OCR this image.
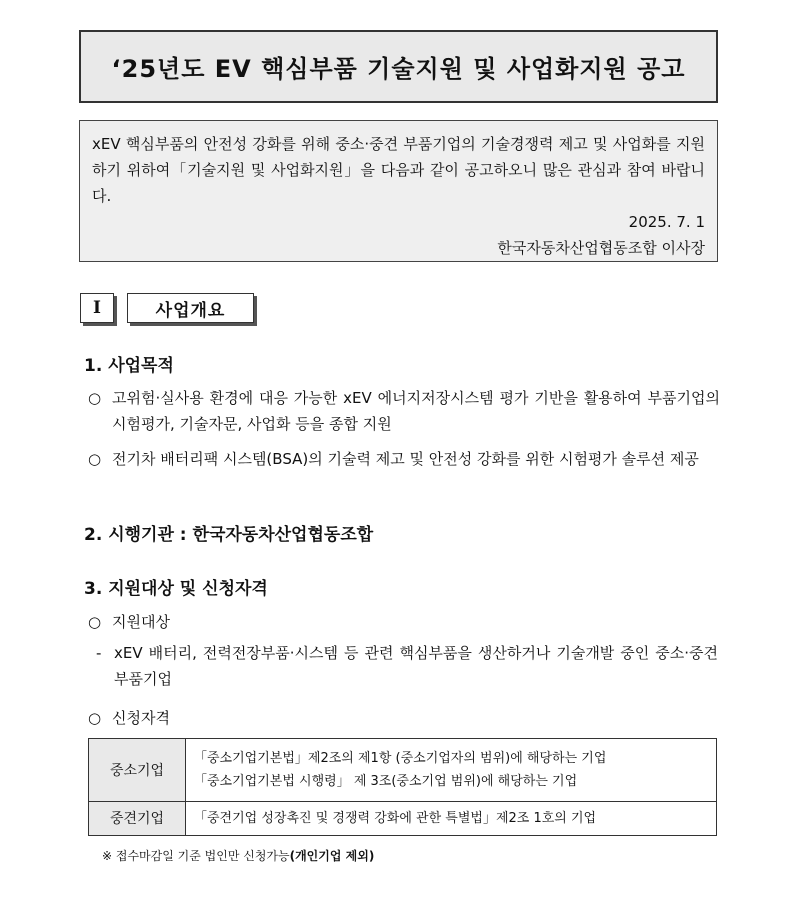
‘25년도 EV 핵심부품 기술지원 및 사업화지원 공고

xEV 핵심부품의 안전성 강화를 위해 중소·중견 부품기업의 기술경쟁력 제고 및 사업화를 지원하기 위하여「기술지원 및 사업화지원」을 다음과 같이 공고하오니 많은 관심과 참여 바랍니다.

2025. 7. 1

한국자동차산업협동조합 이사장

I	사업개요
1. 사업목적
○ 고위험·실사용 환경에 대응 가능한 xEV 에너지저장시스템 평가 기반을 활용하여 부품기업의 시험평가, 기술자문, 사업화 등을 종합 지원
○ 전기차 배터리팩 시스템(BSA)의 기술력 제고 및 안전성 강화를 위한 시험평가 솔루션 제공
2. 시행기관 : 한국자동차산업협동조합
3. 지원대상 및 신청자격
○ 지원대상
- xEV 배터리, 전력전장부품·시스템 등 관련 핵심부품을 생산하거나 기술개발 중인 중소·중견 부품기업
○ 신청자격
중소기업	「중소기업기본법」제2조의 제1항 (중소기업자의 범위)에 해당하는 기업
「중소기업기본법 시행령」 제 3조(중소기업 범위)에 해당하는 기업

중견기업	「중견기업 성장촉진 및 경쟁력 강화에 관한 특별법」제2조 1호의 기업
※ 접수마감일 기준 법인만 신청가능(개인기업 제외)
